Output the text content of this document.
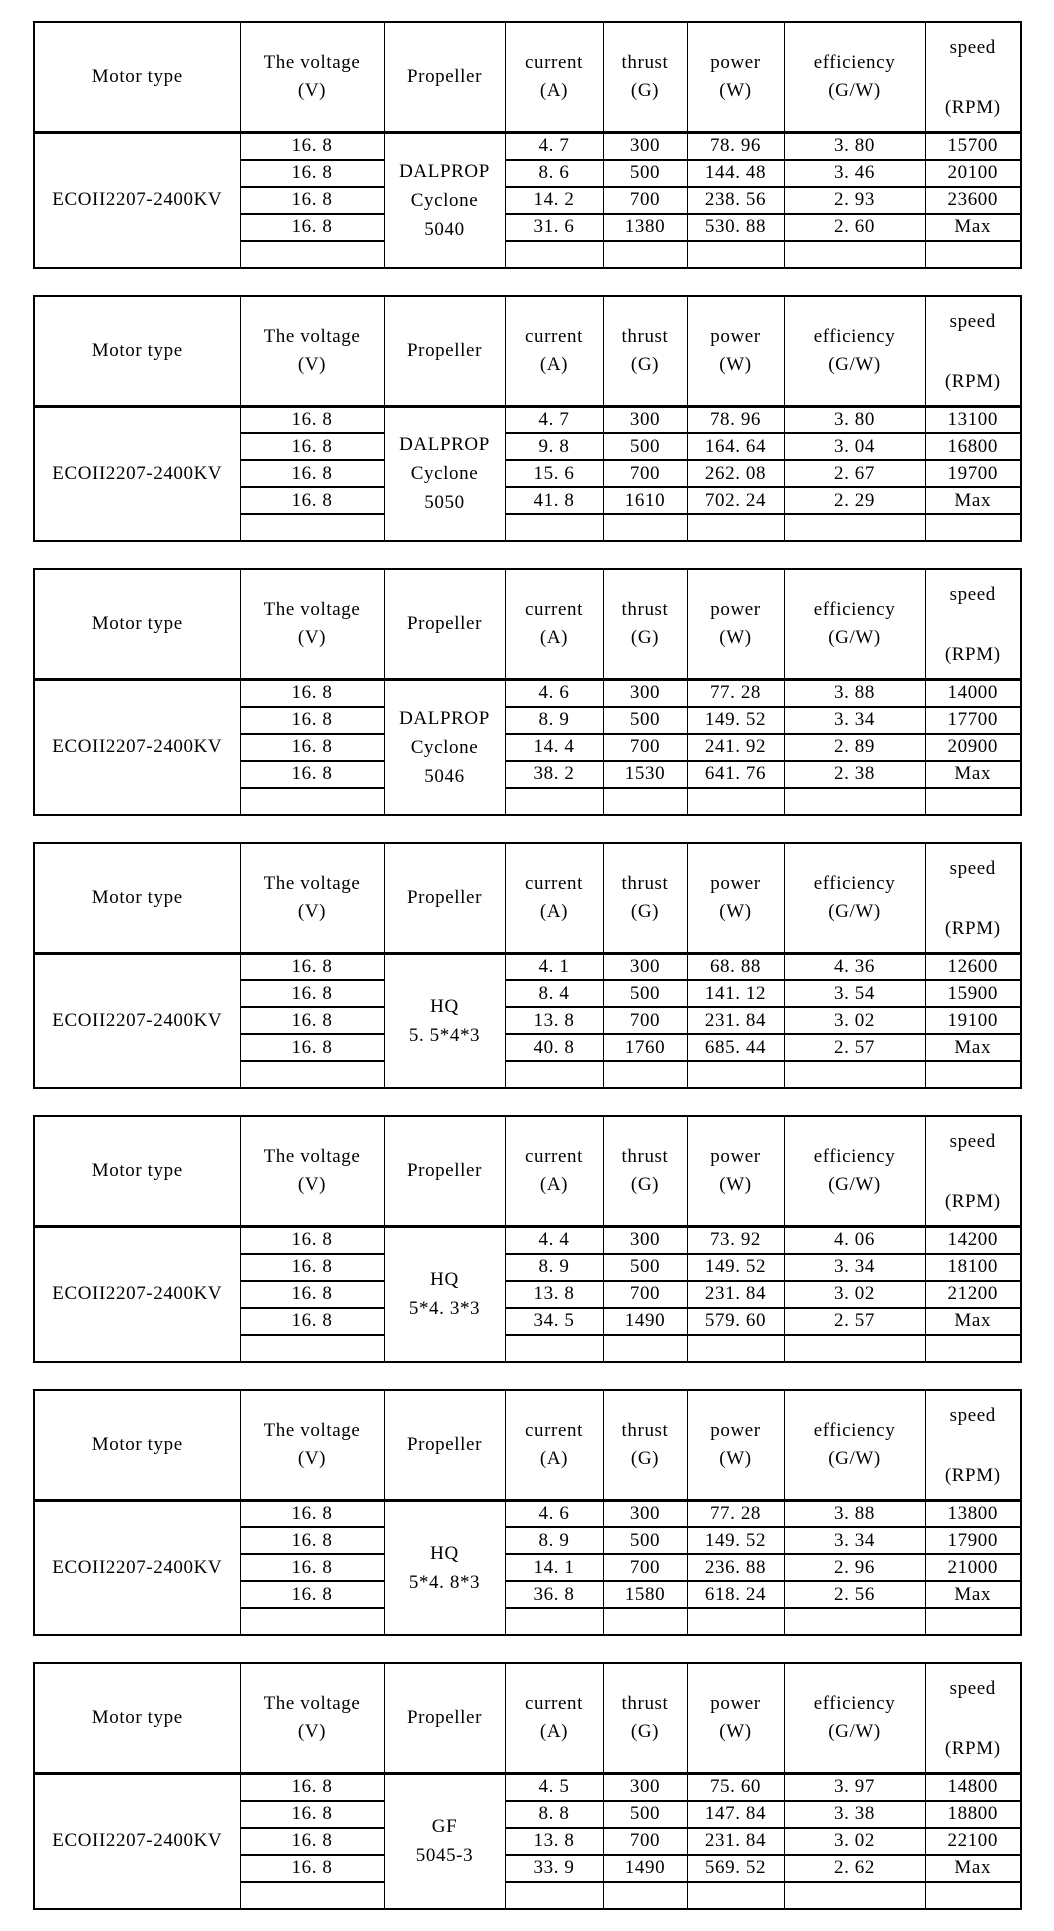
Motor type

The voltage
(V)

Propeller

current
(A)

thrust
(G)

power
(W)

efficiency
(G/W)

speed
(RPM)

ECOII2207-2400KV	16. 8	DALPROP
Cyclone
5040	4. 7	300	78. 96	3. 80	15700
	16. 8		8. 6	500	144. 48	3. 46	20100
	16. 8		14. 2	700	238. 56	2. 93	23600
	16. 8		31. 6	1380	530. 88	2. 60	Max

Motor type

The voltage
(V)

Propeller

current
(A)

thrust
(G)

power
(W)

efficiency
(G/W)

speed
(RPM)

ECOII2207-2400KV	16. 8	DALPROP
Cyclone
5050	4. 7	300	78. 96	3. 80	13100
	16. 8		9. 8	500	164. 64	3. 04	16800
	16. 8		15. 6	700	262. 08	2. 67	19700
	16. 8		41. 8	1610	702. 24	2. 29	Max

Motor type

The voltage
(V)

Propeller

current
(A)

thrust
(G)

power
(W)

efficiency
(G/W)

speed
(RPM)

ECOII2207-2400KV	16. 8	DALPROP
Cyclone
5046	4. 6	300	77. 28	3. 88	14000
	16. 8		8. 9	500	149. 52	3. 34	17700
	16. 8		14. 4	700	241. 92	2. 89	20900
	16. 8		38. 2	1530	641. 76	2. 38	Max

Motor type

The voltage
(V)

Propeller

current
(A)

thrust
(G)

power
(W)

efficiency
(G/W)

speed
(RPM)

ECOII2207-2400KV	16. 8	HQ
5. 5*4*3	4. 1	300	68. 88	4. 36	12600
	16. 8		8. 4	500	141. 12	3. 54	15900
	16. 8		13. 8	700	231. 84	3. 02	19100
	16. 8		40. 8	1760	685. 44	2. 57	Max

Motor type

The voltage
(V)

Propeller

current
(A)

thrust
(G)

power
(W)

efficiency
(G/W)

speed
(RPM)

ECOII2207-2400KV	16. 8	HQ
5*4. 3*3	4. 4	300	73. 92	4. 06	14200
	16. 8		8. 9	500	149. 52	3. 34	18100
	16. 8		13. 8	700	231. 84	3. 02	21200
	16. 8		34. 5	1490	579. 60	2. 57	Max

Motor type

The voltage
(V)

Propeller

current
(A)

thrust
(G)

power
(W)

efficiency
(G/W)

speed
(RPM)

ECOII2207-2400KV	16. 8	HQ
5*4. 8*3	4. 6	300	77. 28	3. 88	13800
	16. 8		8. 9	500	149. 52	3. 34	17900
	16. 8		14. 1	700	236. 88	2. 96	21000
	16. 8		36. 8	1580	618. 24	2. 56	Max

Motor type

The voltage
(V)

Propeller

current
(A)

thrust
(G)

power
(W)

efficiency
(G/W)

speed
(RPM)

ECOII2207-2400KV	16. 8	GF
5045-3	4. 5	300	75. 60	3. 97	14800
	16. 8		8. 8	500	147. 84	3. 38	18800
	16. 8		13. 8	700	231. 84	3. 02	22100
	16. 8		33. 9	1490	569. 52	2. 62	Max
